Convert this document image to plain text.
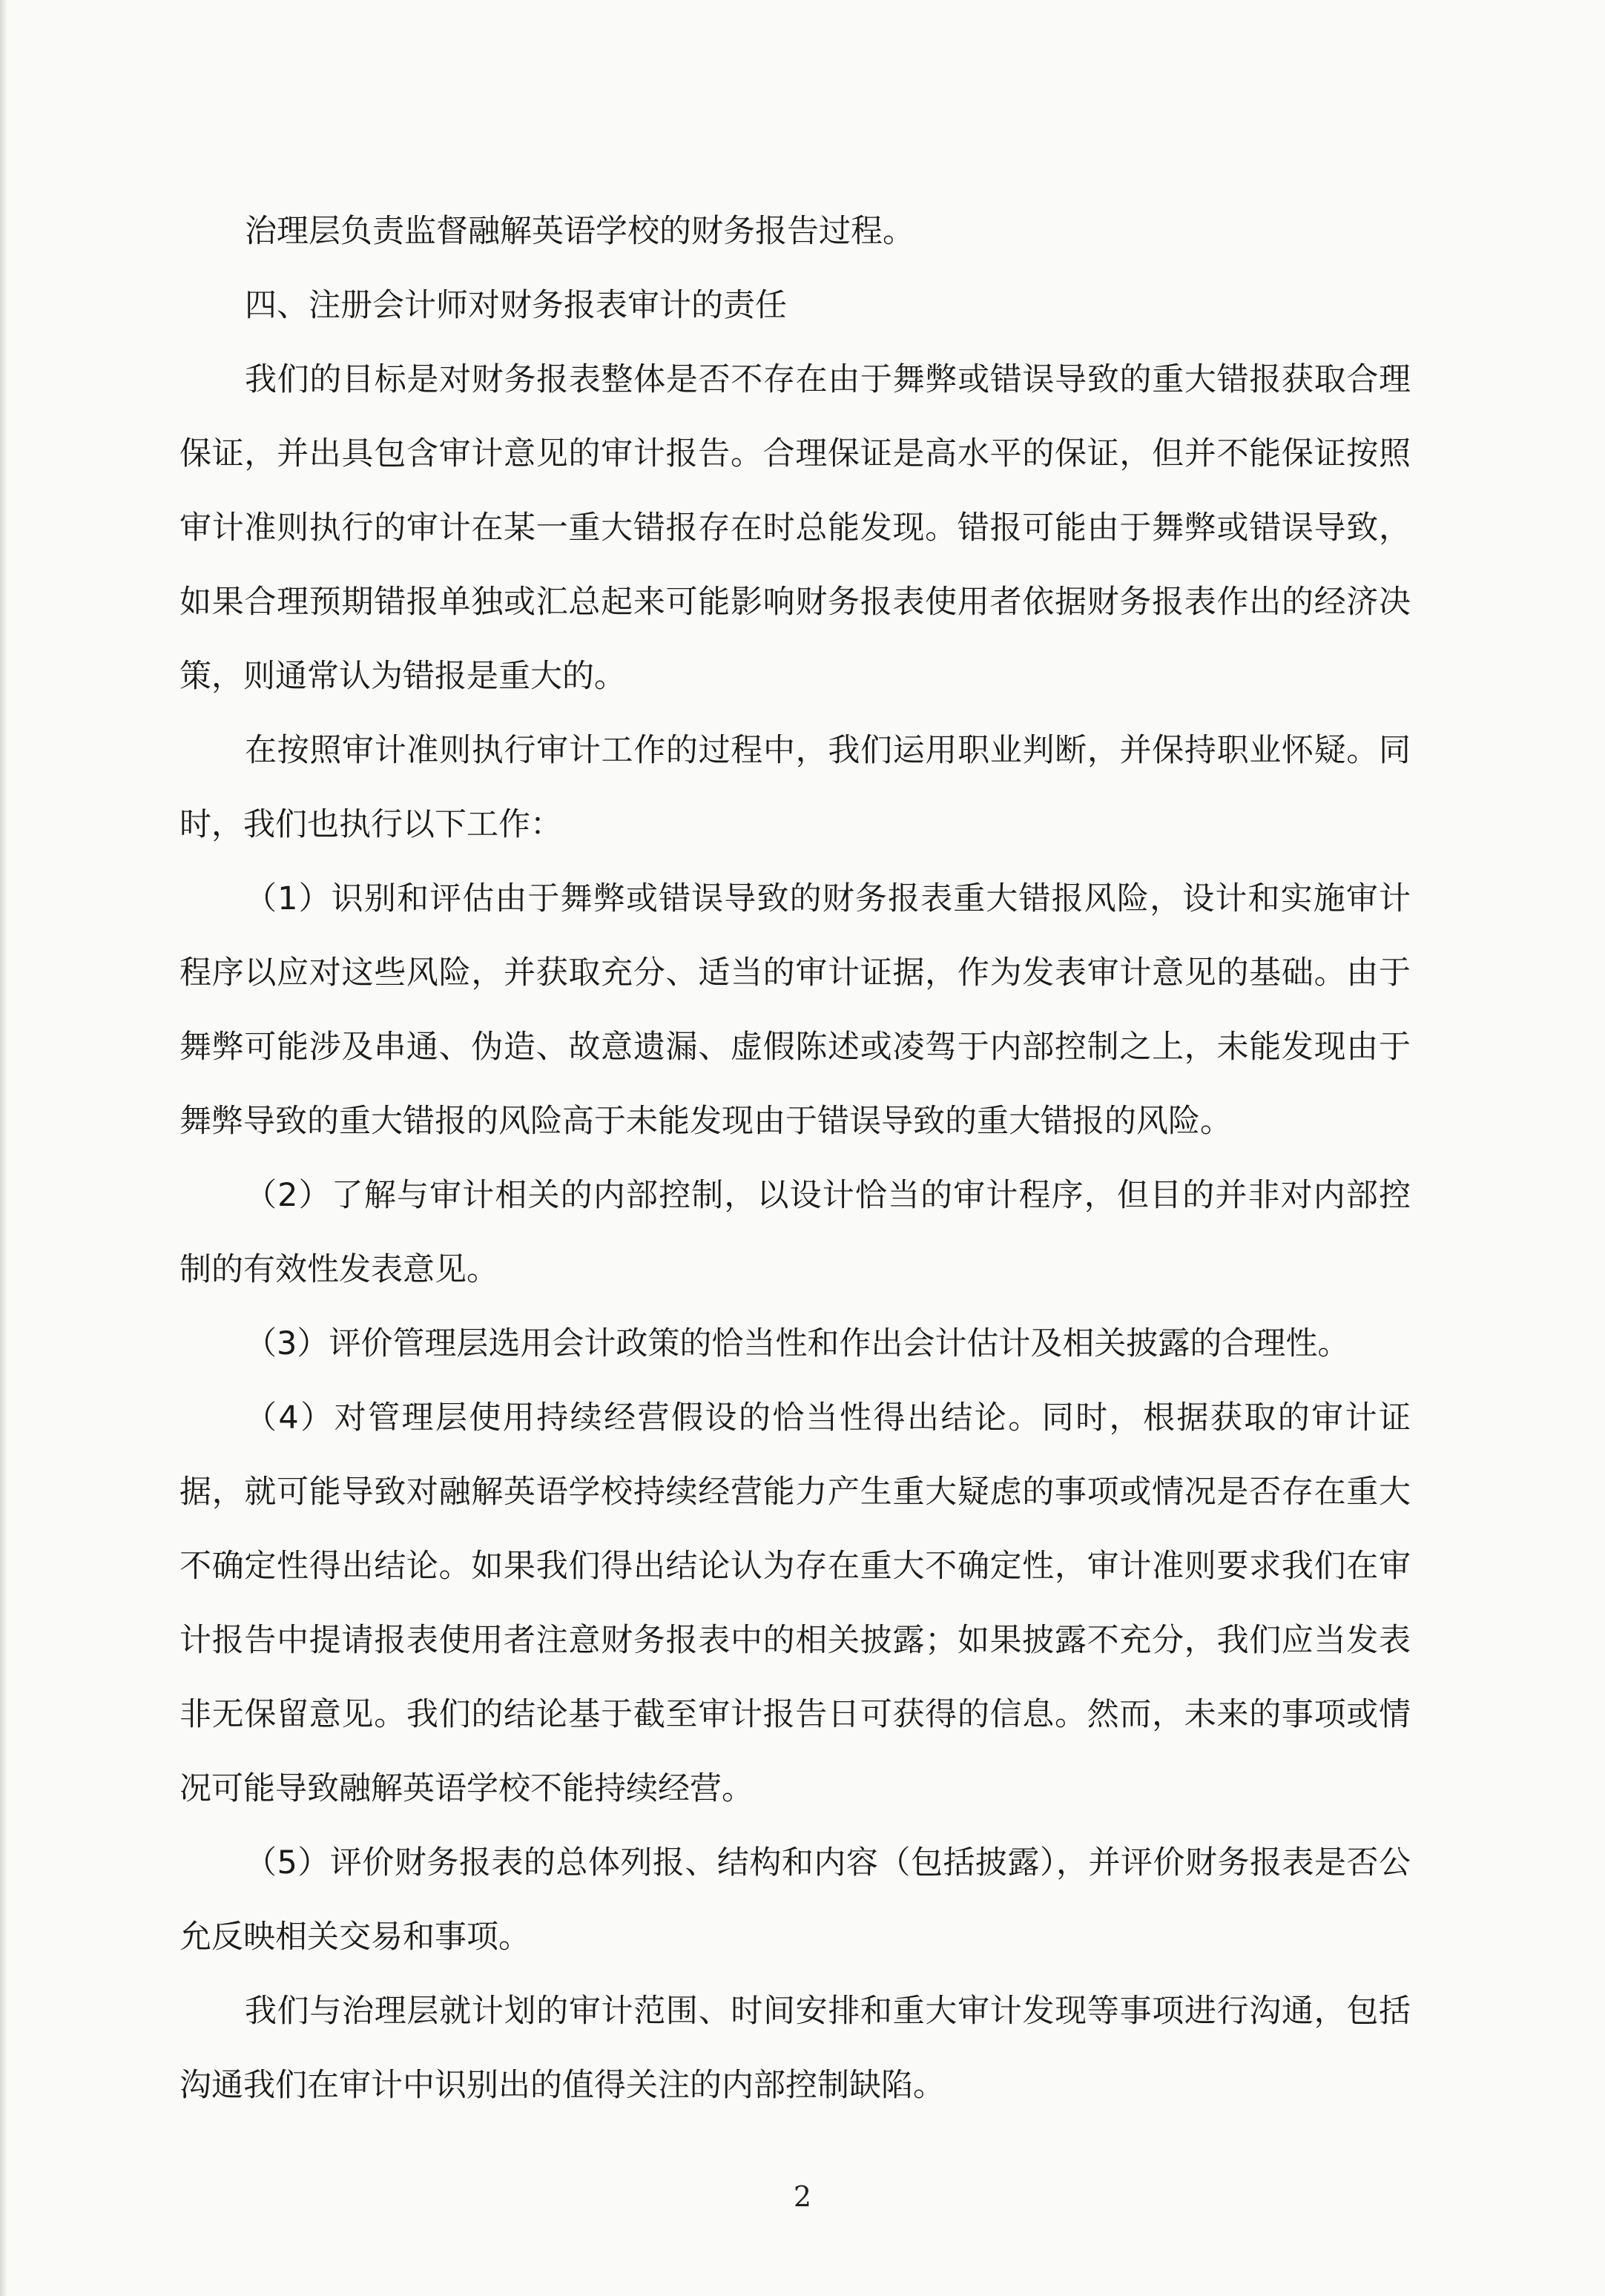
治理层负责监督融解英语学校的财务报告过程。

四、注册会计师对财务报表审计的责任

我们的目标是对财务报表整体是否不存在由于舞弊或错误导致的重大错报获取合理保证，并出具包含审计意见的审计报告。合理保证是高水平的保证，但并不能保证按照审计准则执行的审计在某一重大错报存在时总能发现。错报可能由于舞弊或错误导致，如果合理预期错报单独或汇总起来可能影响财务报表使用者依据财务报表作出的经济决策，则通常认为错报是重大的。

在按照审计准则执行审计工作的过程中，我们运用职业判断，并保持职业怀疑。同时，我们也执行以下工作：

（1）识别和评估由于舞弊或错误导致的财务报表重大错报风险，设计和实施审计程序以应对这些风险，并获取充分、适当的审计证据，作为发表审计意见的基础。由于舞弊可能涉及串通、伪造、故意遗漏、虚假陈述或凌驾于内部控制之上，未能发现由于舞弊导致的重大错报的风险高于未能发现由于错误导致的重大错报的风险。

（2）了解与审计相关的内部控制，以设计恰当的审计程序，但目的并非对内部控制的有效性发表意见。

（3）评价管理层选用会计政策的恰当性和作出会计估计及相关披露的合理性。

（4）对管理层使用持续经营假设的恰当性得出结论。同时，根据获取的审计证据，就可能导致对融解英语学校持续经营能力产生重大疑虑的事项或情况是否存在重大不确定性得出结论。如果我们得出结论认为存在重大不确定性，审计准则要求我们在审计报告中提请报表使用者注意财务报表中的相关披露；如果披露不充分，我们应当发表非无保留意见。我们的结论基于截至审计报告日可获得的信息。然而，未来的事项或情况可能导致融解英语学校不能持续经营。

（5）评价财务报表的总体列报、结构和内容（包括披露），并评价财务报表是否公允反映相关交易和事项。

我们与治理层就计划的审计范围、时间安排和重大审计发现等事项进行沟通，包括沟通我们在审计中识别出的值得关注的内部控制缺陷。

2
